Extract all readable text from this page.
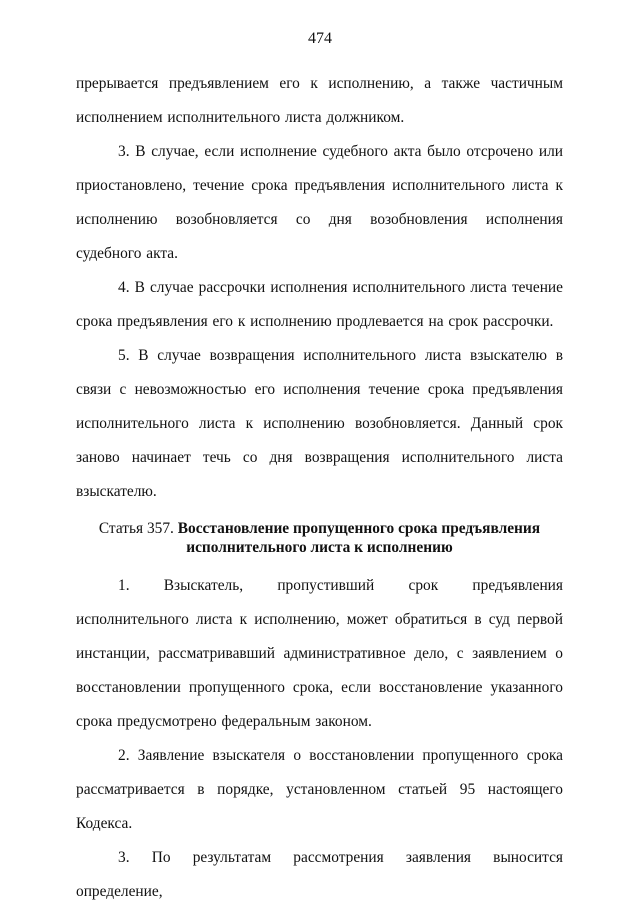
474

прерывается предъявлением его к исполнению, а также частичным исполнением исполнительного листа должником.

3. В случае, если исполнение судебного акта было отсрочено или приостановлено, течение срока предъявления исполнительного листа к исполнению возобновляется со дня возобновления исполнения судебного акта.

4. В случае рассрочки исполнения исполнительного листа течение срока предъявления его к исполнению продлевается на срок рассрочки.

5. В случае возвращения исполнительного листа взыскателю в связи с невозможностью его исполнения течение срока предъявления исполнительного листа к исполнению возобновляется. Данный срок заново начинает течь со дня возвращения исполнительного листа взыскателю.

Статья 357. Восстановление пропущенного срока предъявления исполнительного листа к исполнению

1. Взыскатель, пропустивший срок предъявления исполнительного листа к исполнению, может обратиться в суд первой инстанции, рассматривавший административное дело, с заявлением о восстановлении пропущенного срока, если восстановление указанного срока предусмотрено федеральным законом.

2. Заявление взыскателя о восстановлении пропущенного срока рассматривается в порядке, установленном статьей 95 настоящего Кодекса.

3. По результатам рассмотрения заявления выносится определение,
